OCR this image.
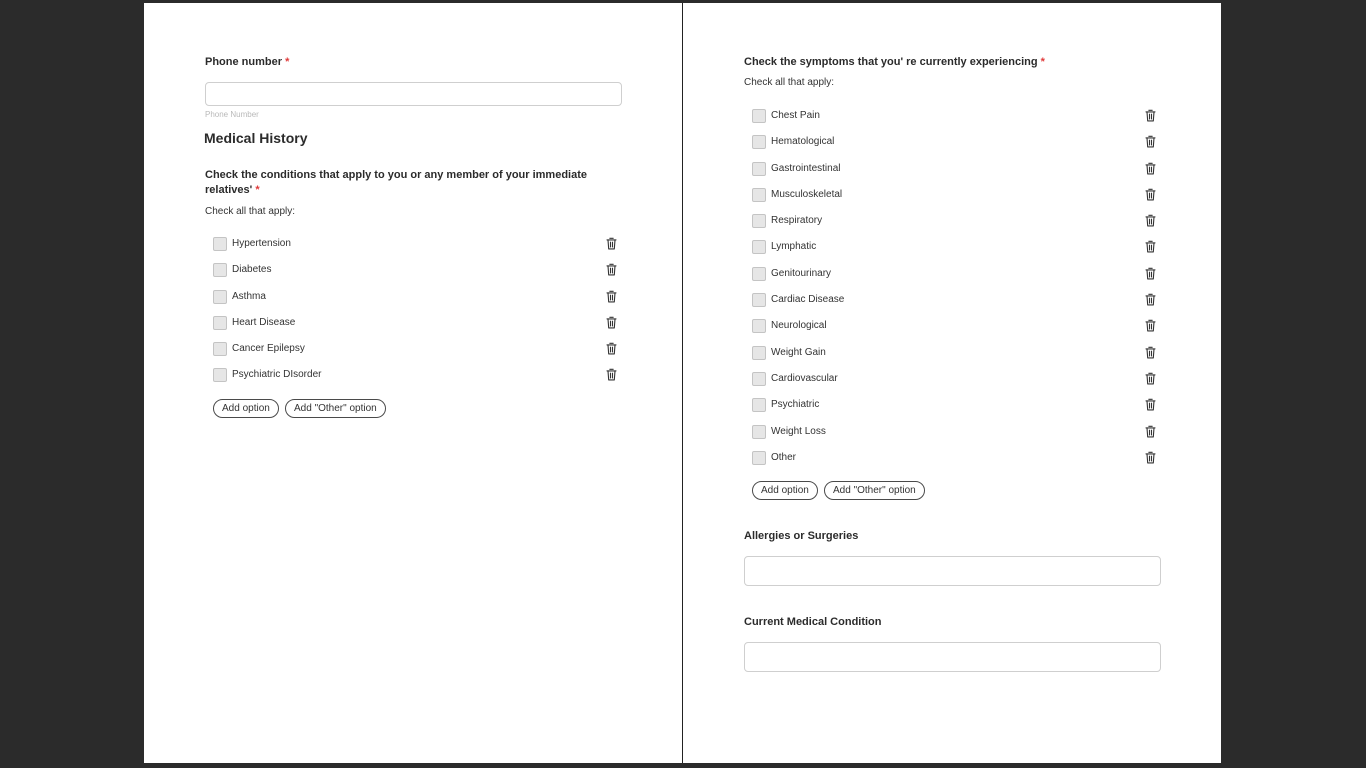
Phone number *
Phone Number
Medical History
Check the conditions that apply to you or any member of your immediate
relatives' *
Check all that apply:
Hypertension
Diabetes
Asthma
Heart Disease
Cancer Epilepsy
Psychiatric DIsorder
Add option	Add "Other" option
Check the symptoms that you' re currently experiencing *
Check all that apply:
Chest Pain
Hematological
Gastrointestinal
Musculoskeletal
Respiratory
Lymphatic
Genitourinary
Cardiac Disease
Neurological
Weight Gain
Cardiovascular
Psychiatric
Weight Loss
Other
Add option	Add "Other" option
Allergies or Surgeries
Current Medical Condition
